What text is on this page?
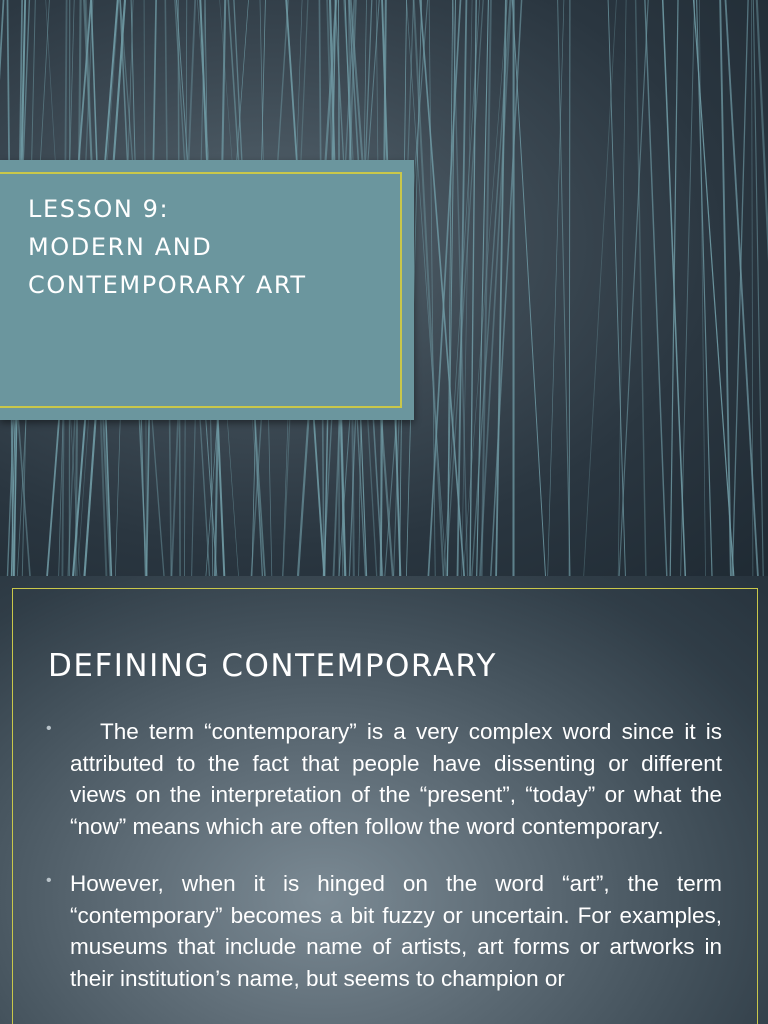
LESSON 9:
MODERN AND
CONTEMPORARY ART
DEFINING CONTEMPORARY
•	The term “contemporary” is a very complex word since it is attributed to the fact that people have dissenting or different views on the interpretation of the “present”, “today” or what the “now” means which are often follow the word contemporary.
• However, when it is hinged on the word “art”, the term “contemporary” becomes a bit fuzzy or uncertain. For examples, museums that include name of artists, art forms or artworks in their institution’s name, but seems to champion or
